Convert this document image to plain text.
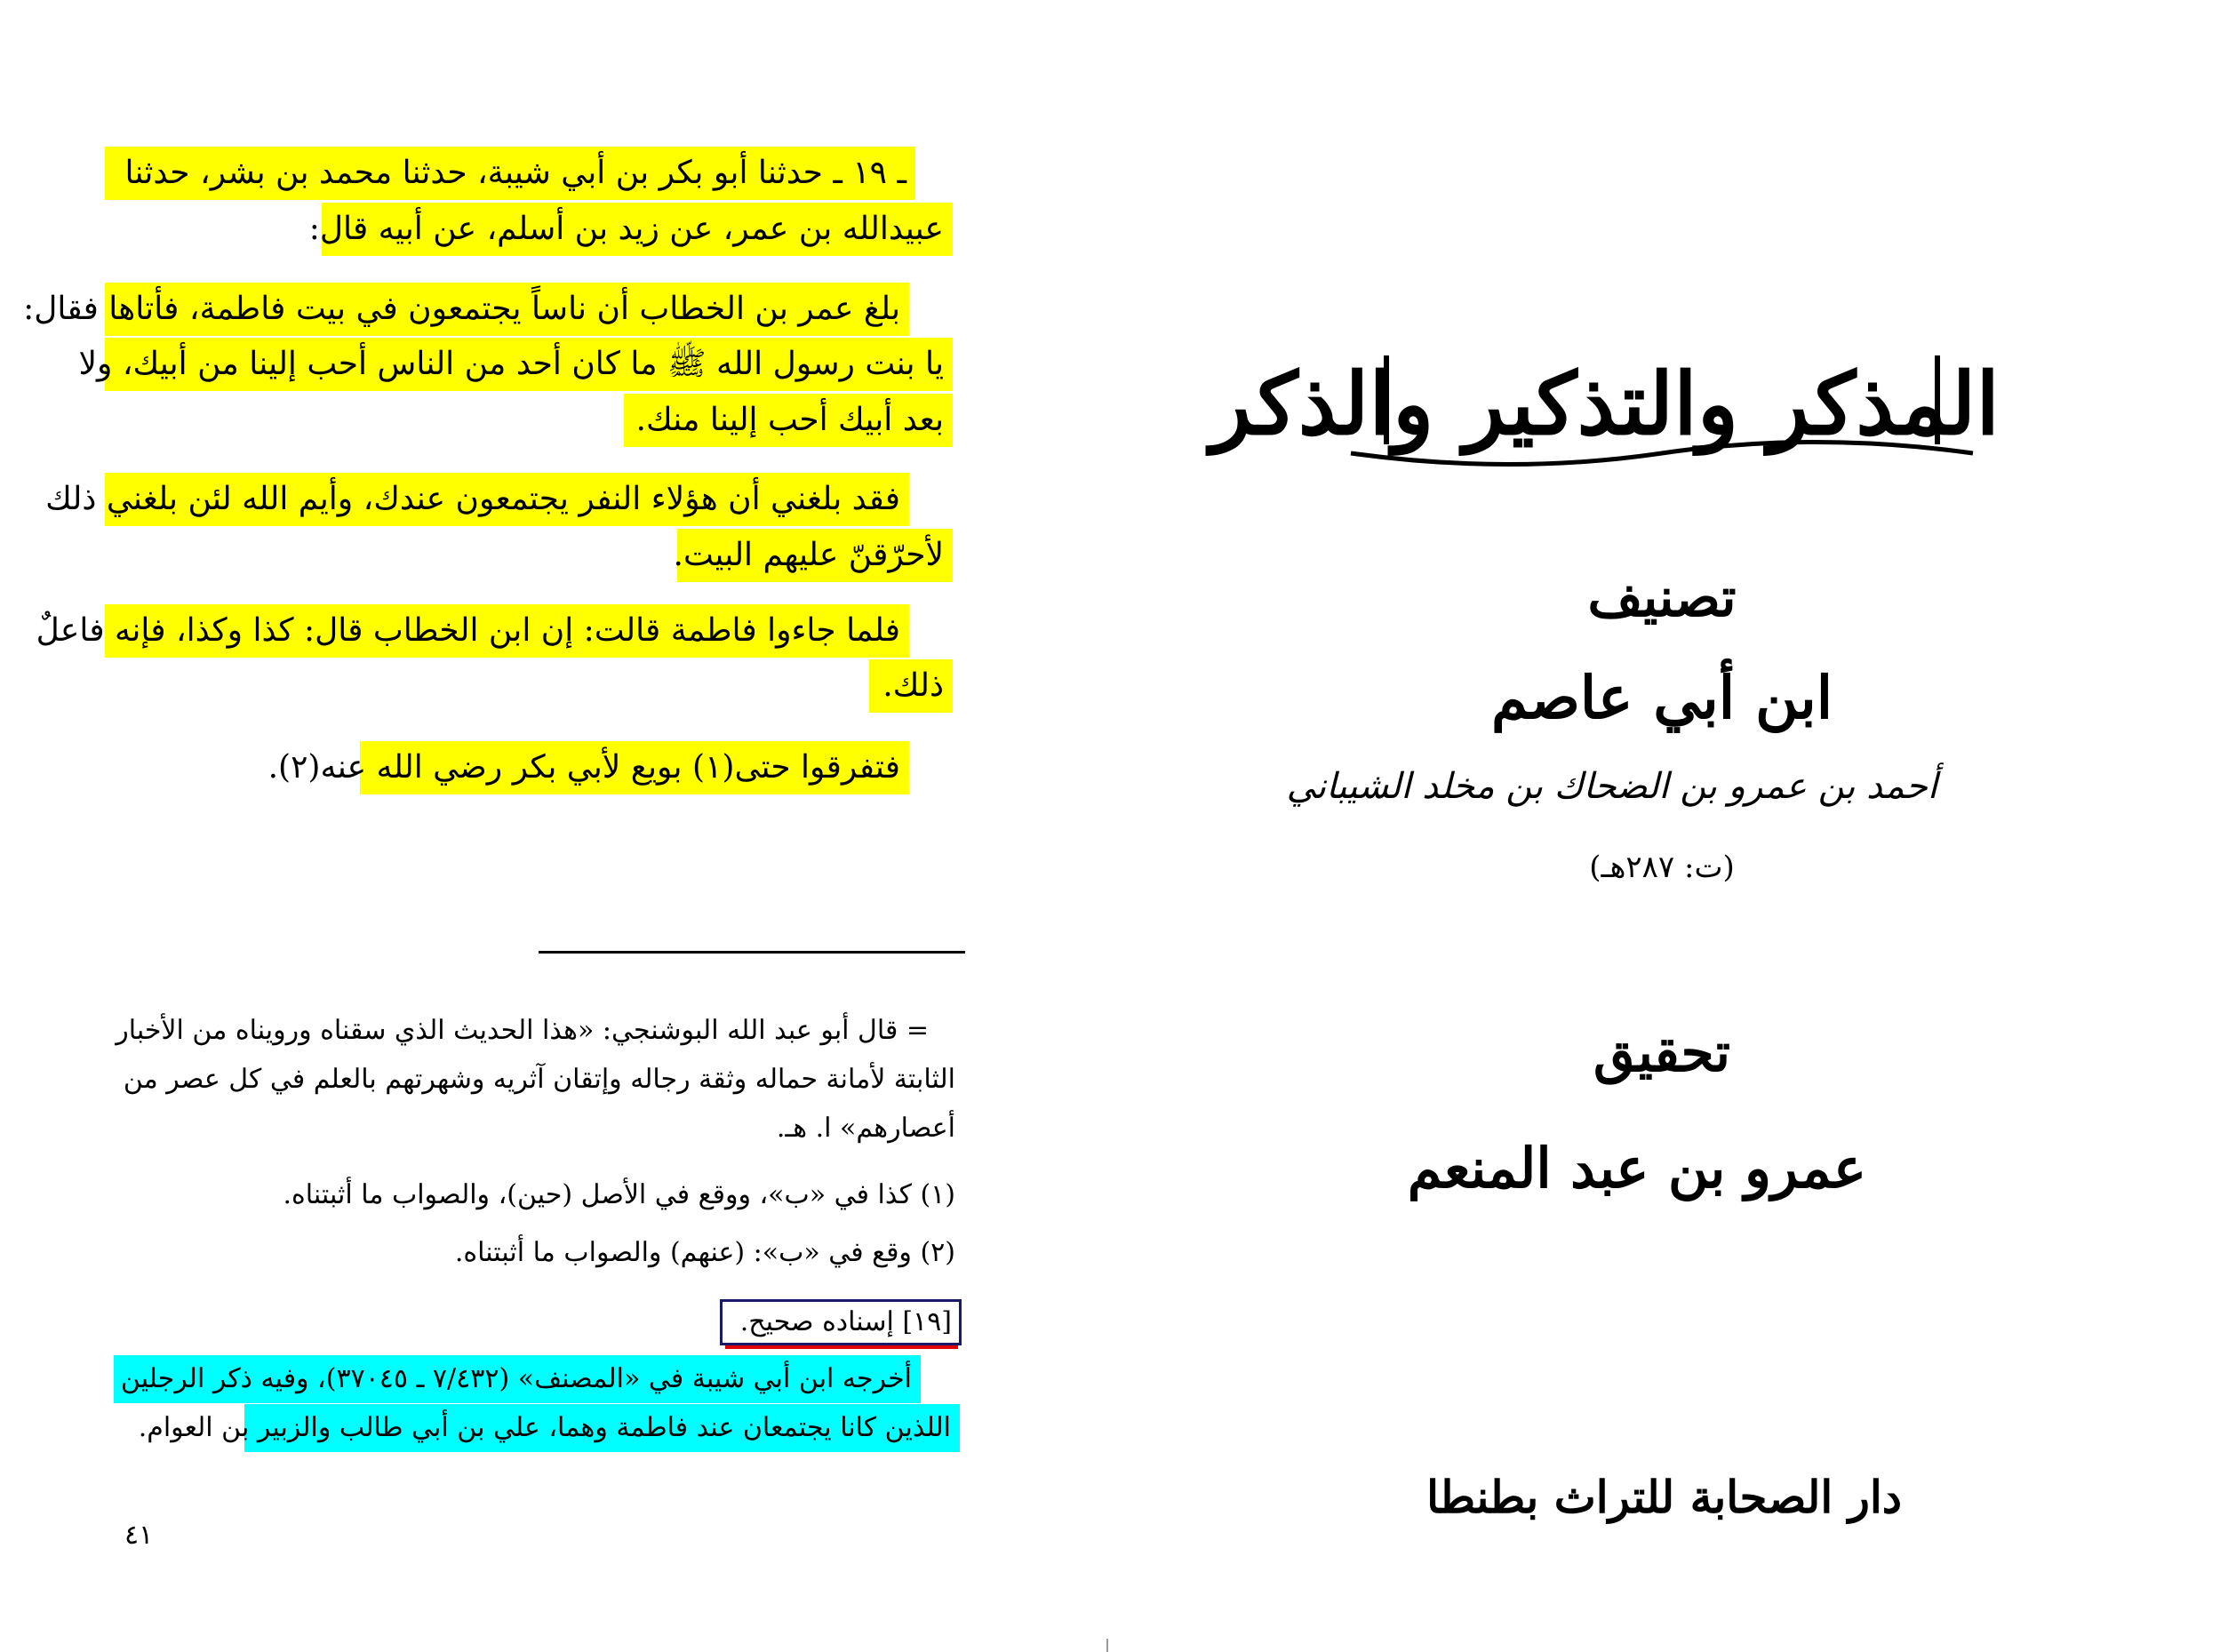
ـ ١٩ ـ حدثنا أبو بكر بن أبي شيبة، حدثنا محمد بن بشر، حدثنا
عبيدالله بن عمر، عن زيد بن أسلم، عن أبيه قال:
بلغ عمر بن الخطاب أن ناساً يجتمعون في بيت فاطمة، فأتاها فقال:
يا بنت رسول الله ﷺ ما كان أحد من الناس أحب إلينا من أبيك، ولا
بعد أبيك أحب إلينا منك.
فقد بلغني أن هؤلاء النفر يجتمعون عندك، وأيم الله لئن بلغني ذلك
لأحرّقنّ عليهم البيت.
فلما جاءوا فاطمة قالت: إن ابن الخطاب قال: كذا وكذا، فإنه فاعلٌ
ذلك.
فتفرقوا حتى(١) بويع لأبي بكر رضي الله عنه(٢).
= قال أبو عبد الله البوشنجي: «هذا الحديث الذي سقناه ورويناه من الأخبار
الثابتة لأمانة حماله وثقة رجاله وإتقان آثريه وشهرتهم بالعلم في كل عصر من
أعصارهم» ا. هـ.
(١) كذا في «ب»، ووقع في الأصل (حين)، والصواب ما أثبتناه.
(٢) وقع في «ب»: (عنهم) والصواب ما أثبتناه.
[١٩] إسناده صحيح.
أخرجه ابن أبي شيبة في «المصنف» (٧/٤٣٢ ـ ٣٧٠٤٥)، وفيه ذكر الرجلين
اللذين كانا يجتمعان عند فاطمة وهما، علي بن أبي طالب والزبير بن العوام.
٤١
المذكر والتذكير والذكر
تصنيف
ابن أبي عاصم
أحمد بن عمرو بن الضحاك بن مخلد الشيباني
(ت: ٢٨٧هـ)
تحقيق
عمرو بن عبد المنعم
دار الصحابة للتراث بطنطا
